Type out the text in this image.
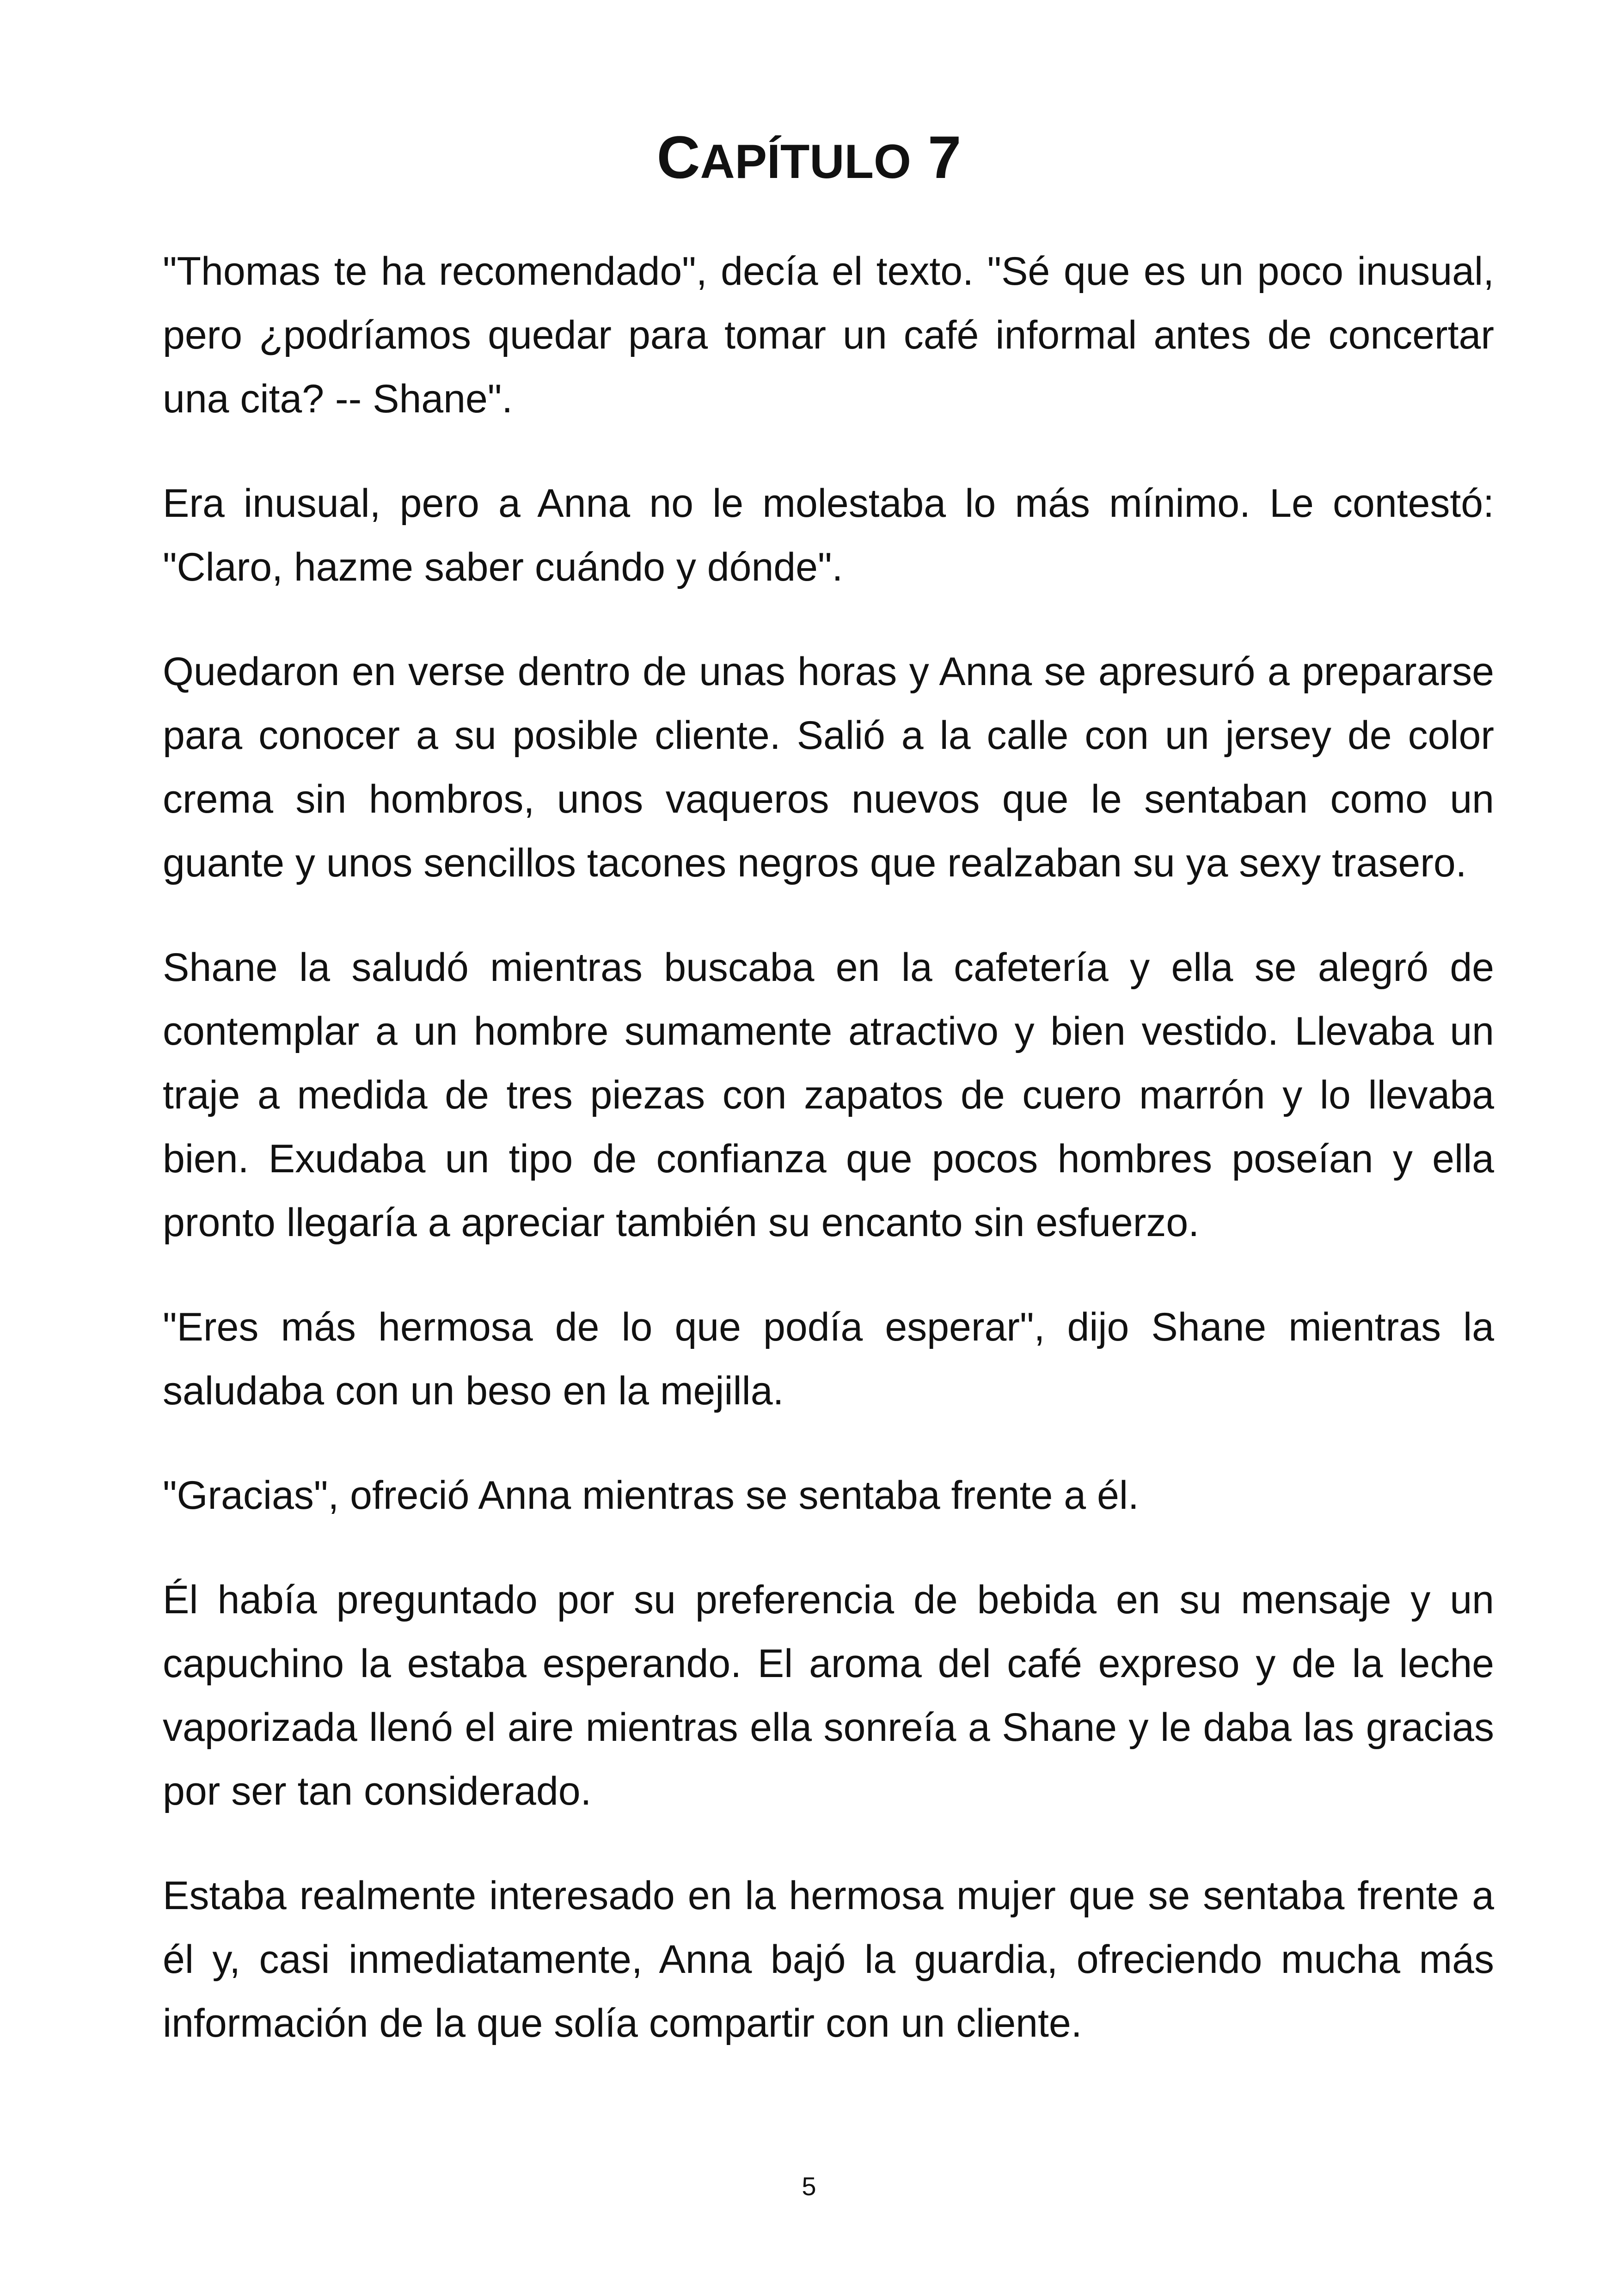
CAPÍTULO 7

"Thomas te ha recomendado", decía el texto. "Sé que es un poco inusual, pero ¿podríamos quedar para tomar un café informal antes de concertar una cita? -- Shane".

Era inusual, pero a Anna no le molestaba lo más mínimo. Le contestó: "Claro, hazme saber cuándo y dónde".

Quedaron en verse dentro de unas horas y Anna se apresuró a prepararse para conocer a su posible cliente. Salió a la calle con un jersey de color crema sin hombros, unos vaqueros nuevos que le sentaban como un guante y unos sencillos tacones negros que realzaban su ya sexy trasero.

Shane la saludó mientras buscaba en la cafetería y ella se alegró de contemplar a un hombre sumamente atractivo y bien vestido. Llevaba un traje a medida de tres piezas con zapatos de cuero marrón y lo llevaba bien. Exudaba un tipo de confianza que pocos hombres poseían y ella pronto llegaría a apreciar también su encanto sin esfuerzo.

"Eres más hermosa de lo que podía esperar", dijo Shane mientras la saludaba con un beso en la mejilla.

"Gracias", ofreció Anna mientras se sentaba frente a él.

Él había preguntado por su preferencia de bebida en su mensaje y un capuchino la estaba esperando. El aroma del café expreso y de la leche vaporizada llenó el aire mientras ella sonreía a Shane y le daba las gracias por ser tan considerado.

Estaba realmente interesado en la hermosa mujer que se sentaba frente a él y, casi inmediatamente, Anna bajó la guardia, ofreciendo mucha más información de la que solía compartir con un cliente.

5
